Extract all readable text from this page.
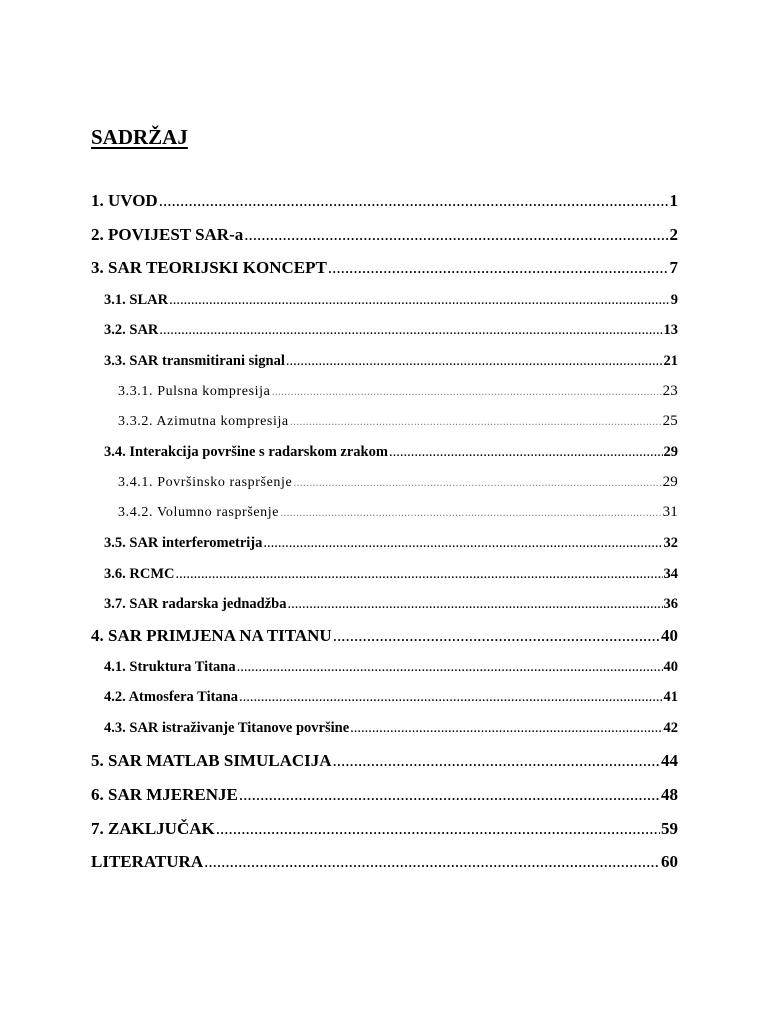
SADRŽAJ
1. UVOD .....	1
2. POVIJEST SAR-a .....	2
3. SAR TEORIJSKI KONCEPT .....	7
3.1. SLAR .....	9
3.2. SAR .....	13
3.3. SAR transmitirani signal .....	21
3.3.1. Pulsna kompresija .....	23
3.3.2. Azimutna kompresija .....	25
3.4. Interakcija površine s radarskom zrakom .....	29
3.4.1. Površinsko raspršenje .....	29
3.4.2. Volumno raspršenje .....	31
3.5. SAR interferometrija .....	32
3.6. RCMC .....	34
3.7. SAR radarska jednadžba .....	36
4. SAR PRIMJENA NA TITANU .....	40
4.1. Struktura Titana .....	40
4.2. Atmosfera Titana .....	41
4.3. SAR istraživanje Titanove površine .....	42
5. SAR MATLAB SIMULACIJA .....	44
6. SAR MJERENJE .....	48
7. ZAKLJUČAK .....	59
LITERATURA .....	60
